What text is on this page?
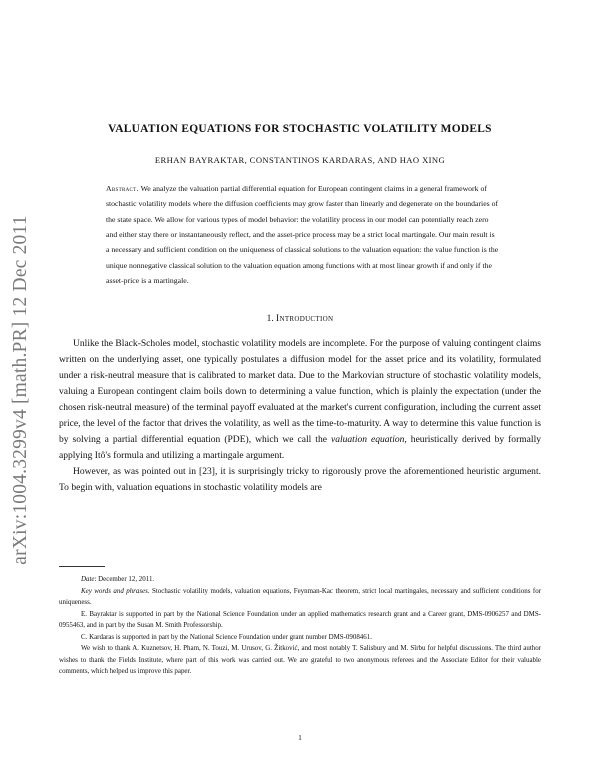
arXiv:1004.3299v4 [math.PR] 12 Dec 2011
VALUATION EQUATIONS FOR STOCHASTIC VOLATILITY MODELS
ERHAN BAYRAKTAR, CONSTANTINOS KARDARAS, AND HAO XING
Abstract. We analyze the valuation partial differential equation for European contingent claims in a general framework of stochastic volatility models where the diffusion coefficients may grow faster than linearly and degenerate on the boundaries of the state space. We allow for various types of model behavior: the volatility process in our model can potentially reach zero and either stay there or instantaneously reflect, and the asset-price process may be a strict local martingale. Our main result is a necessary and sufficient condition on the uniqueness of classical solutions to the valuation equation: the value function is the unique nonnegative classical solution to the valuation equation among functions with at most linear growth if and only if the asset-price is a martingale.
1. Introduction
Unlike the Black-Scholes model, stochastic volatility models are incomplete. For the purpose of valuing contingent claims written on the underlying asset, one typically postulates a diffusion model for the asset price and its volatility, formulated under a risk-neutral measure that is calibrated to market data. Due to the Markovian structure of stochastic volatility models, valuing a European contingent claim boils down to determining a value function, which is plainly the expectation (under the chosen risk-neutral measure) of the terminal payoff evaluated at the market's current configuration, including the current asset price, the level of the factor that drives the volatility, as well as the time-to-maturity. A way to determine this value function is by solving a partial differential equation (PDE), which we call the valuation equation, heuristically derived by formally applying Itô's formula and utilizing a martingale argument.
However, as was pointed out in [23], it is surprisingly tricky to rigorously prove the aforementioned heuristic argument. To begin with, valuation equations in stochastic volatility models are

Date: December 12, 2011.

Key words and phrases. Stochastic volatility models, valuation equations, Feynman-Kac theorem, strict local martingales, necessary and sufficient conditions for uniqueness.

E. Bayraktar is supported in part by the National Science Foundation under an applied mathematics research grant and a Career grant, DMS-0906257 and DMS-0955463, and in part by the Susan M. Smith Professorship.

C. Kardaras is supported in part by the National Science Foundation under grant number DMS-0908461.

We wish to thank A. Kuznetsov, H. Pham, N. Touzi, M. Urusov, G. Žitković, and most notably T. Salisbury and M. Sîrbu for helpful discussions. The third author wishes to thank the Fields Institute, where part of this work was carried out. We are grateful to two anonymous referees and the Associate Editor for their valuable comments, which helped us improve this paper.

1
